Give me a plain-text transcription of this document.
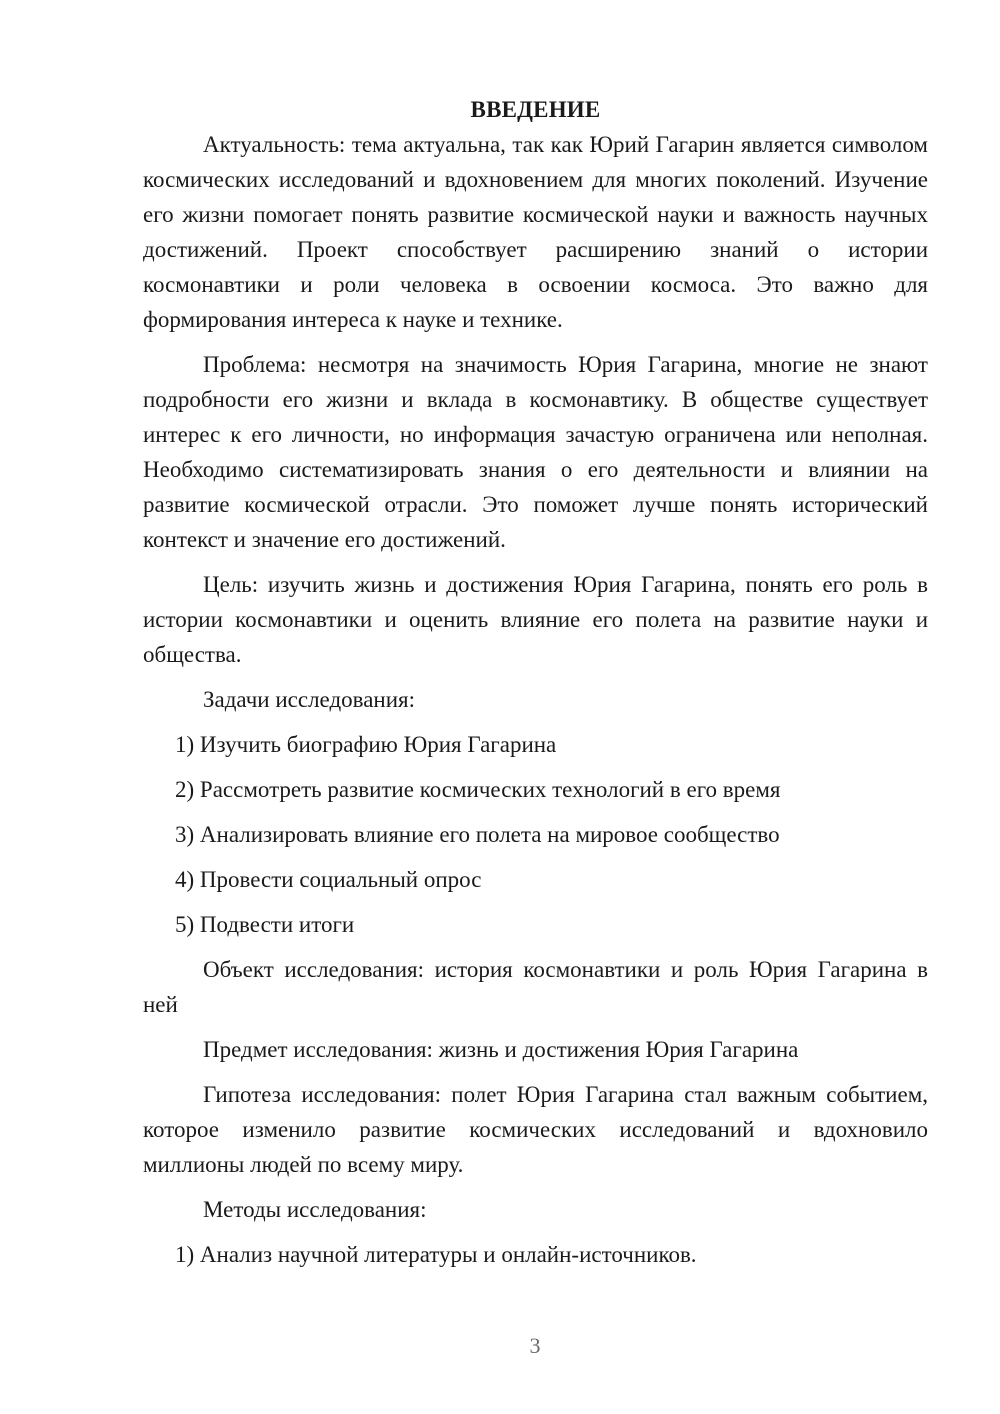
ВВЕДЕНИЕ

Актуальность: тема актуальна, так как Юрий Гагарин является символом космических исследований и вдохновением для многих поколений. Изучение его жизни помогает понять развитие космической науки и важность научных достижений. Проект способствует расширению знаний о истории космонавтики и роли человека в освоении космоса. Это важно для формирования интереса к науке и технике.

Проблема: несмотря на значимость Юрия Гагарина, многие не знают подробности его жизни и вклада в космонавтику. В обществе существует интерес к его личности, но информация зачастую ограничена или неполная. Необходимо систематизировать знания о его деятельности и влиянии на развитие космической отрасли. Это поможет лучше понять исторический контекст и значение его достижений.

Цель: изучить жизнь и достижения Юрия Гагарина, понять его роль в истории космонавтики и оценить влияние его полета на развитие науки и общества.

Задачи исследования:
1) Изучить биографию Юрия Гагарина
2) Рассмотреть развитие космических технологий в его время
3) Анализировать влияние его полета на мировое сообщество
4) Провести социальный опрос
5) Подвести итоги

Объект исследования: история космонавтики и роль Юрия Гагарина в ней

Предмет исследования: жизнь и достижения Юрия Гагарина

Гипотеза исследования: полет Юрия Гагарина стал важным событием, которое изменило развитие космических исследований и вдохновило миллионы людей по всему миру.

Методы исследования:
1) Анализ научной литературы и онлайн-источников.
3
